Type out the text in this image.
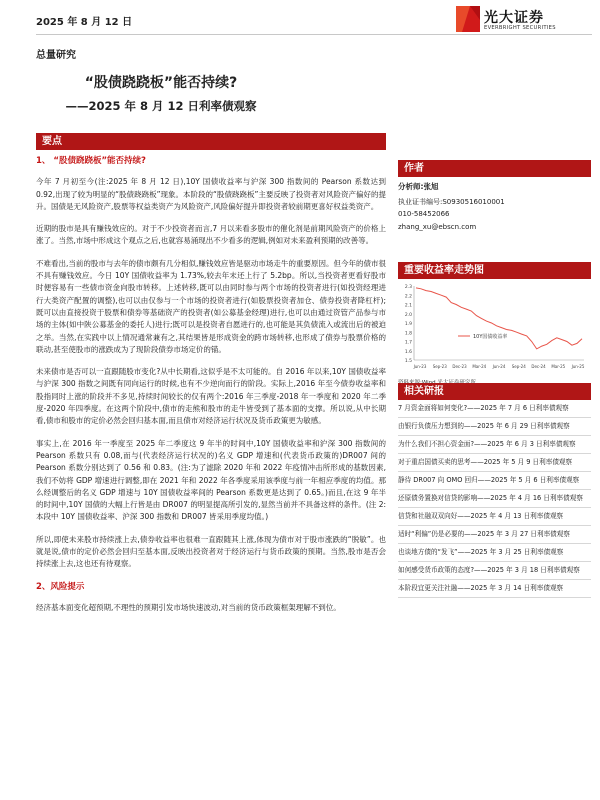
2025 年 8 月 12 日	光大证券
EVERBRIGHT SECURITIES
总量研究
“股债跷跷板”能否持续?
——2025 年 8 月 12 日利率债观察
要点
1、 “股债跷跷板”能否持续?

今年 7 月初至今(注:2025 年 8 月 12 日),10Y 国债收益率与沪深 300 指数间的 Pearson 系数达到 0.92,出现了较为明显的“股债跷跷板”现象。本阶段的“股债跷跷板”主要反映了投资者对风险资产偏好的提升。国债是无风险资产,股票等权益类资产为风险资产,风险偏好提升即投资者较前期更喜好权益类资产。

近期的股市是具有赚钱效应的。对于不少投资者而言,7 月以来看多股市的催化剂是前期风险资产的价格上涨了。当然,市场中形成这个观点之后,也就容易涌现出不少看多的逻辑,例如对未来盈利预期的改善等。

不难看出,当前的股市与去年的债市颇有几分相似,赚钱效应皆是驱动市场走牛的重要原因。但今年的债市很不具有赚钱效应。今日 10Y 国债收益率为 1.73%,较去年末还上行了 5.2bp。所以,当投资者更看好股市时便容易有一些债市资金向股市转移。上述转移,既可以由同时参与两个市场的投资者进行(如投资经理进行大类资产配置的调整),也可以由仅参与一个市场的投资者进行(如股票投资者加仓、债券投资者降杠杆);既可以由直接投资于股票和债券等基础资产的投资者(如公募基金经理)进行,也可以由通过资管产品参与市场的主体(如中陕公募基金的委托人)进行;既可以是投资者自愿进行的,也可能是其负债流入或流出后的被迫之举。当然,在实践中以上情况通常兼有之,其结果皆是形成资金的跨市场转移,也形成了债券与股票价格的联动,甚至使股市的涨跌成为了现阶段债券市场定价的锚。

未来债市是否可以一直跟随股市变化?从中长期看,这似乎是不太可能的。自 2016 年以来,10Y 国债收益率与沪深 300 指数之间既有同向运行的时候,也有不少逆向而行的阶段。实际上,2016 年至今债券收益率和股指同时上涨的阶段并不多见,持续时间较长的仅有两个:2016 年三季度-2018 年一季度和 2020 年二季度-2020 年四季度。在这两个阶段中,债市的走熊和股市的走牛皆受到了基本面的支撑。所以说,从中长期看,债市和股市的定价必然会回归基本面,而且债市对经济运行状况及货币政策更为敏感。

事实上,在 2016 年一季度至 2025 年二季度这 9 年半的时间中,10Y 国债收益率和沪深 300 指数间的 Pearson 系数只有 0.08,而与(代表经济运行状况的)名义 GDP 增速和(代表货币政策的)DR007 间的 Pearson 系数分别达到了 0.56 和 0.83。(注:为了滤除 2020 年和 2022 年疫情冲击所形成的基数因素,我们不妨将 GDP 增速进行调整,即在 2021 年和 2022 年各季度采用该季度与前一年相应季度的均值。那么经调整后的名义 GDP 增速与 10Y 国债收益率间的 Pearson 系数更是达到了 0.65。)而且,在这 9 年半的时间中,10Y 国债的大幅上行皆是由 DR007 的明显提高所引发的,显然当前并不具备这样的条件。(注 2:本段中 10Y 国债收益率、沪深 300 指数和 DR007 皆采用季度均值。)

所以,即使未来股市持续涨上去,债券收益率也很难一直跟随其上涨,体现为债市对于股市涨跌的“脱敏”。也就是说,债市的定价必然会回归至基本面,反映出投资者对于经济运行与货币政策的预期。当然,股市是否会持续涨上去,这也还有待观察。

2、风险提示

经济基本面变化超预期,不理性的预期引发市场快速波动,对当前的货币政策框架理解不到位。

作者
分析师:张旭
执业证书编号:S0930516010001
010-58452066
zhang_xu@ebscn.com
重要收益率走势图
2.3
2.2
2.1
2.0
1.9
1.8
1.7
1.6
1.5
Jun-23 Sep-23 Dec-23 Mar-24 Jun-24 Sep-24 Dec-24 Mar-25 Jun-25
10Y国债收益率
相关研报
7 月资金面将如何变化?——2025 年 7 月 6 日利率债观察
由银行负债压力想到的——2025 年 6 月 29 日利率债观察
为什么我们不担心资金面?——2025 年 6 月 3 日利率债观察
对于重启国债买卖的思考——2025 年 5 月 9 日利率债观察
静待 DR007 向 OMO 回归——2025 年 5 月 6 日利率债观察
还原债务置换对信贷的影响——2025 年 4 月 16 日利率债观察
信贷和社融双双向好——2025 年 4 月 13 日利率债观察
适时“利偏”仍是必要的——2025 年 3 月 27 日利率债观察
也谈地方债的“发飞”——2025 年 3 月 25 日利率债观察
如何感受货币政策的态度?——2025 年 3 月 18 日利率债观察
本阶段宜更关注社融——2025 年 3 月 14 日利率债观察
